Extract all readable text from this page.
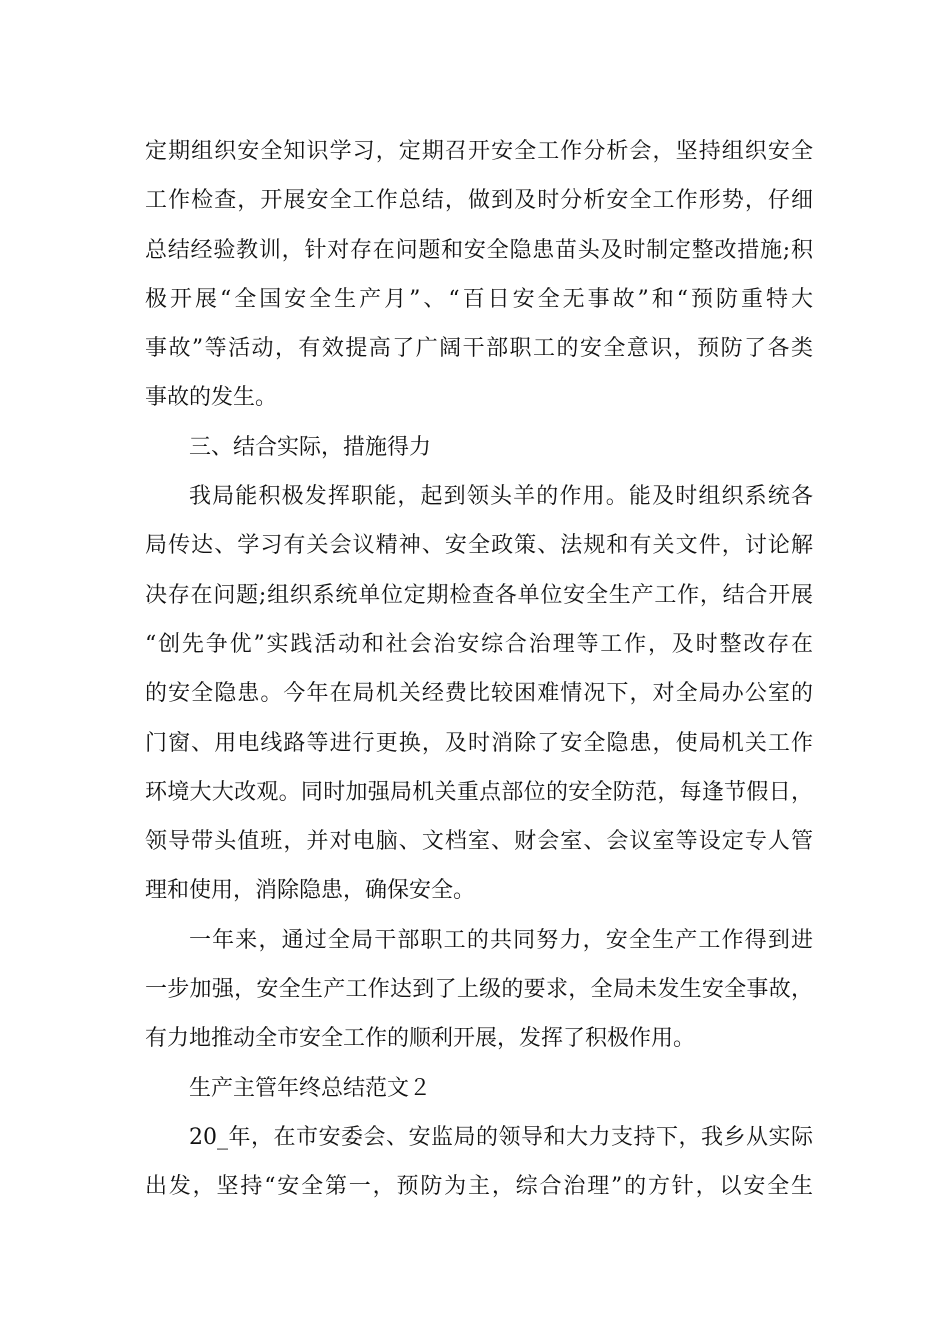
定期组织安全知识学习，定期召开安全工作分析会，坚持组织安全
工作检查，开展安全工作总结，做到及时分析安全工作形势，仔细
总结经验教训，针对存在问题和安全隐患苗头及时制定整改措施;积
极开展“全国安全生产月”、“百日安全无事故”和“预防重特大
事故”等活动，有效提高了广阔干部职工的安全意识，预防了各类
事故的发生。
三、结合实际，措施得力
我局能积极发挥职能，起到领头羊的作用。能及时组织系统各
局传达、学习有关会议精神、安全政策、法规和有关文件，讨论解
决存在问题;组织系统单位定期检查各单位安全生产工作，结合开展
“创先争优”实践活动和社会治安综合治理等工作，及时整改存在
的安全隐患。今年在局机关经费比较困难情况下，对全局办公室的
门窗、用电线路等进行更换，及时消除了安全隐患，使局机关工作
环境大大改观。同时加强局机关重点部位的安全防范，每逢节假日，
领导带头值班，并对电脑、文档室、财会室、会议室等设定专人管
理和使用，消除隐患，确保安全。
一年来，通过全局干部职工的共同努力，安全生产工作得到进
一步加强，安全生产工作达到了上级的要求，全局未发生安全事故，
有力地推动全市安全工作的顺利开展，发挥了积极作用。
生产主管年终总结范文２
20_年，在市安委会、安监局的领导和大力支持下，我乡从实际
出发，坚持“安全第一，预防为主，综合治理”的方针，以安全生
